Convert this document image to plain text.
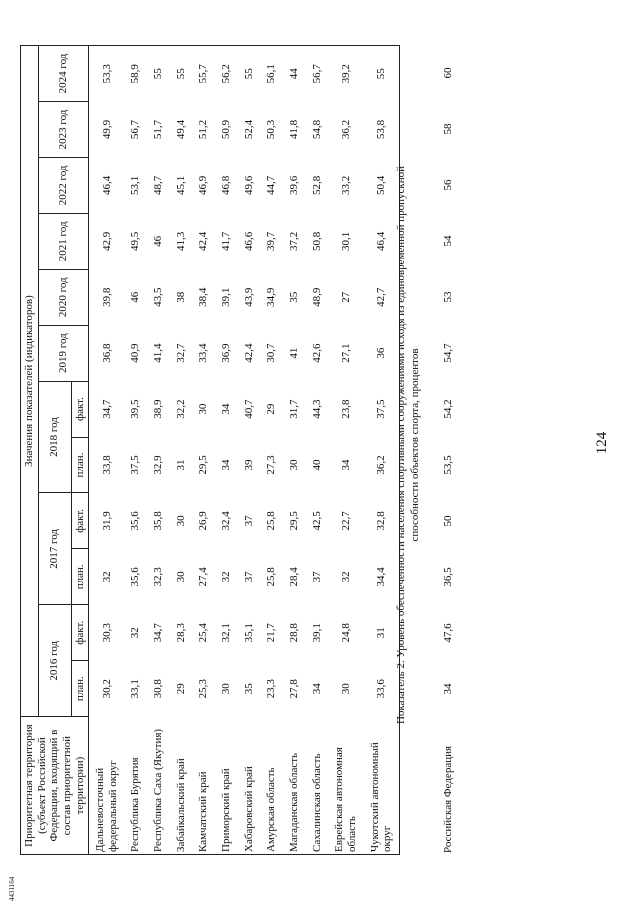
4431164
Приоритетная территория (субъект Российской Федерации, входящий в состав приоритетной территории)	Значения показателей (индикаторов)											
	2016 год		2017 год		2018 год		2019 год	2020 год	2021 год	2022 год	2023 год	2024 год
	план.	факт.	план.	факт.	план.	факт.						
Дальневосточный федеральный округ	30,2	30,3	32	31,9	33,8	34,7	36,8	39,8	42,9	46,4	49,9	53,3
Республика Бурятия	33,1	32	35,6	35,6	37,5	39,5	40,9	46	49,5	53,1	56,7	58,9
Республика Саха (Якутия)	30,8	34,7	32,3	35,8	32,9	38,9	41,4	43,5	46	48,7	51,7	55
Забайкальский край	29	28,3	30	30	31	32,2	32,7	38	41,3	45,1	49,4	55
Камчатский край	25,3	25,4	27,4	26,9	29,5	30	33,4	38,4	42,4	46,9	51,2	55,7
Приморский край	30	32,1	32	32,4	34	34	36,9	39,1	41,7	46,8	50,9	56,2
Хабаровский край	35	35,1	37	37	39	40,7	42,4	43,9	46,6	49,6	52,4	55
Амурская область	23,3	21,7	25,8	25,8	27,3	29	30,7	34,9	39,7	44,7	50,3	56,1
Магаданская область	27,8	28,8	28,4	29,5	30	31,7	41	35	37,2	39,6	41,8	44
Сахалинская область	34	39,1	37	42,5	40	44,3	42,6	48,9	50,8	52,8	54,8	56,7
Еврейская автономная область	30	24,8	32	22,7	34	23,8	27,1	27	30,1	33,2	36,2	39,2
Чукотский автономный округ	33,6	31	34,4	32,8	36,2	37,5	36	42,7	46,4	50,4	53,8	55
Показатель 2. Уровень обеспеченности населения спортивными сооружениями исходя из единовременной пропускной способности объектов спорта, процентов
Российская Федерация	34	47,6	36,5	50	53,5	54,2	54,7	53	54	56	58	60
124
